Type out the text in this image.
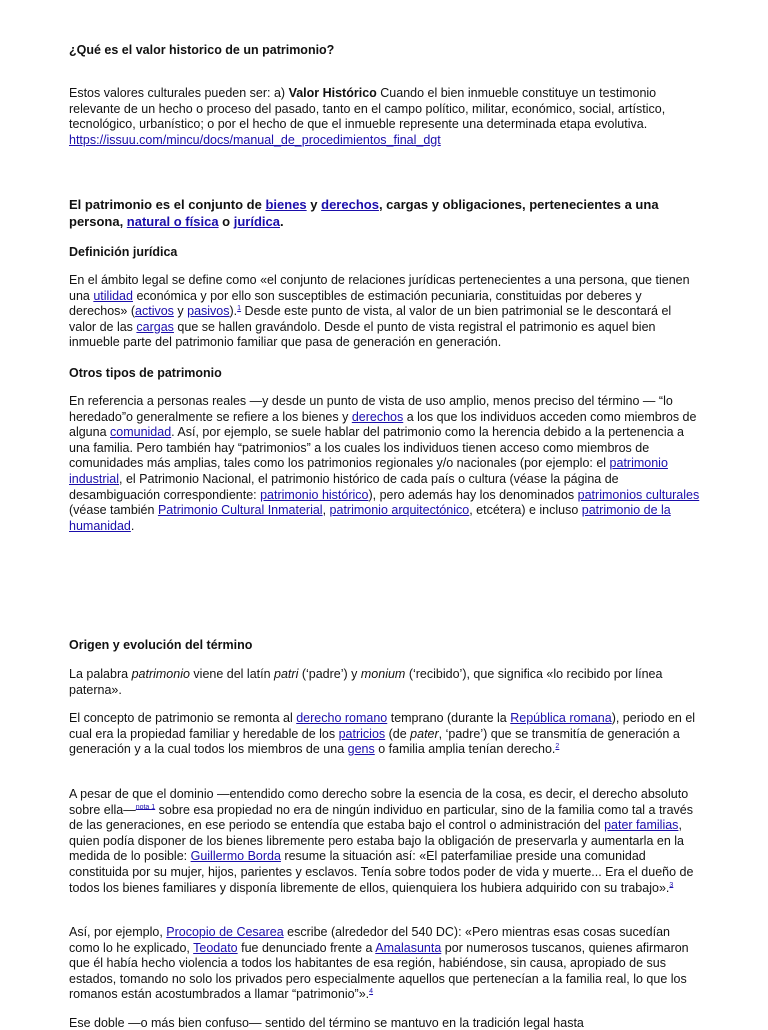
¿Qué es el valor historico de un patrimonio?

Estos valores culturales pueden ser: a) Valor Histórico Cuando el bien inmueble constituye un testimonio relevante de un hecho o proceso del pasado, tanto en el campo político, militar, económico, social, artístico, tecnológico, urbanístico; o por el hecho de que el inmueble represente una determinada etapa evolutiva.
https://issuu.com/mincu/docs/manual_de_procedimientos_final_dgt

El patrimonio es el conjunto de bienes y derechos, cargas y obligaciones, pertenecientes a una persona, natural o física o jurídica.

Definición jurídica

En el ámbito legal se define como «el conjunto de relaciones jurídicas pertenecientes a una persona, que tienen una utilidad económica y por ello son susceptibles de estimación pecuniaria, constituidas por deberes y derechos» (activos y pasivos).$^1$ Desde este punto de vista, al valor de un bien patrimonial se le descontará el valor de las cargas que se hallen gravándolo. Desde el punto de vista registral el patrimonio es aquel bien inmueble parte del patrimonio familiar que pasa de generación en generación.

Otros tipos de patrimonio

En referencia a personas reales —y desde un punto de vista de uso amplio, menos preciso del término — “lo heredado”o generalmente se refiere a los bienes y derechos a los que los individuos acceden como miembros de alguna comunidad. Así, por ejemplo, se suele hablar del patrimonio como la herencia debido a la pertenencia a una familia. Pero también hay “patrimonios” a los cuales los individuos tienen acceso como miembros de comunidades más amplias, tales como los patrimonios regionales y/o nacionales (por ejemplo: el patrimonio industrial, el Patrimonio Nacional, el patrimonio histórico de cada país o cultura (véase la página de desambiguación correspondiente: patrimonio histórico), pero además hay los denominados patrimonios culturales (véase también Patrimonio Cultural Inmaterial, patrimonio arquitectónico, etcétera) e incluso patrimonio de la humanidad.

Origen y evolución del término

La palabra patrimonio viene del latín patri (‘padre’) y monium (‘recibido’), que significa «lo recibido por línea paterna».

El concepto de patrimonio se remonta al derecho romano temprano (durante la República romana), periodo en el cual era la propiedad familiar y heredable de los patricios (de pater, ‘padre’) que se transmitía de generación a generación y a la cual todos los miembros de una gens o familia amplia tenían derecho.$^2$

A pesar de que el dominio —entendido como derecho sobre la esencia de la cosa, es decir, el derecho absoluto sobre ella—$^{nota 1}$ sobre esa propiedad no era de ningún individuo en particular, sino de la familia como tal a través de las generaciones, en ese periodo se entendía que estaba bajo el control o administración del pater familias, quien podía disponer de los bienes libremente pero estaba bajo la obligación de preservarla y aumentarla en la medida de lo posible: Guillermo Borda resume la situación así: «El paterfamiliae preside una comunidad constituida por su mujer, hijos, parientes y esclavos. Tenía sobre todos poder de vida y muerte... Era el dueño de todos los bienes familiares y disponía libremente de ellos, quienquiera los hubiera adquirido con su trabajo».$^3$

Así, por ejemplo, Procopio de Cesarea escribe (alrededor del 540 DC): «Pero mientras esas cosas sucedían como lo he explicado, Teodato fue denunciado frente a Amalasunta por numerosos tuscanos, quienes afirmaron que él había hecho violencia a todos los habitantes de esa región, habiéndose, sin causa, apropiado de sus estados, tomando no solo los privados pero especialmente aquellos que pertenecían a la familia real, lo que los romanos están acostumbrados a llamar “patrimonio”».$^4$

Ese doble —o más bien confuso— sentido del término se mantuvo en la tradición legal hasta
